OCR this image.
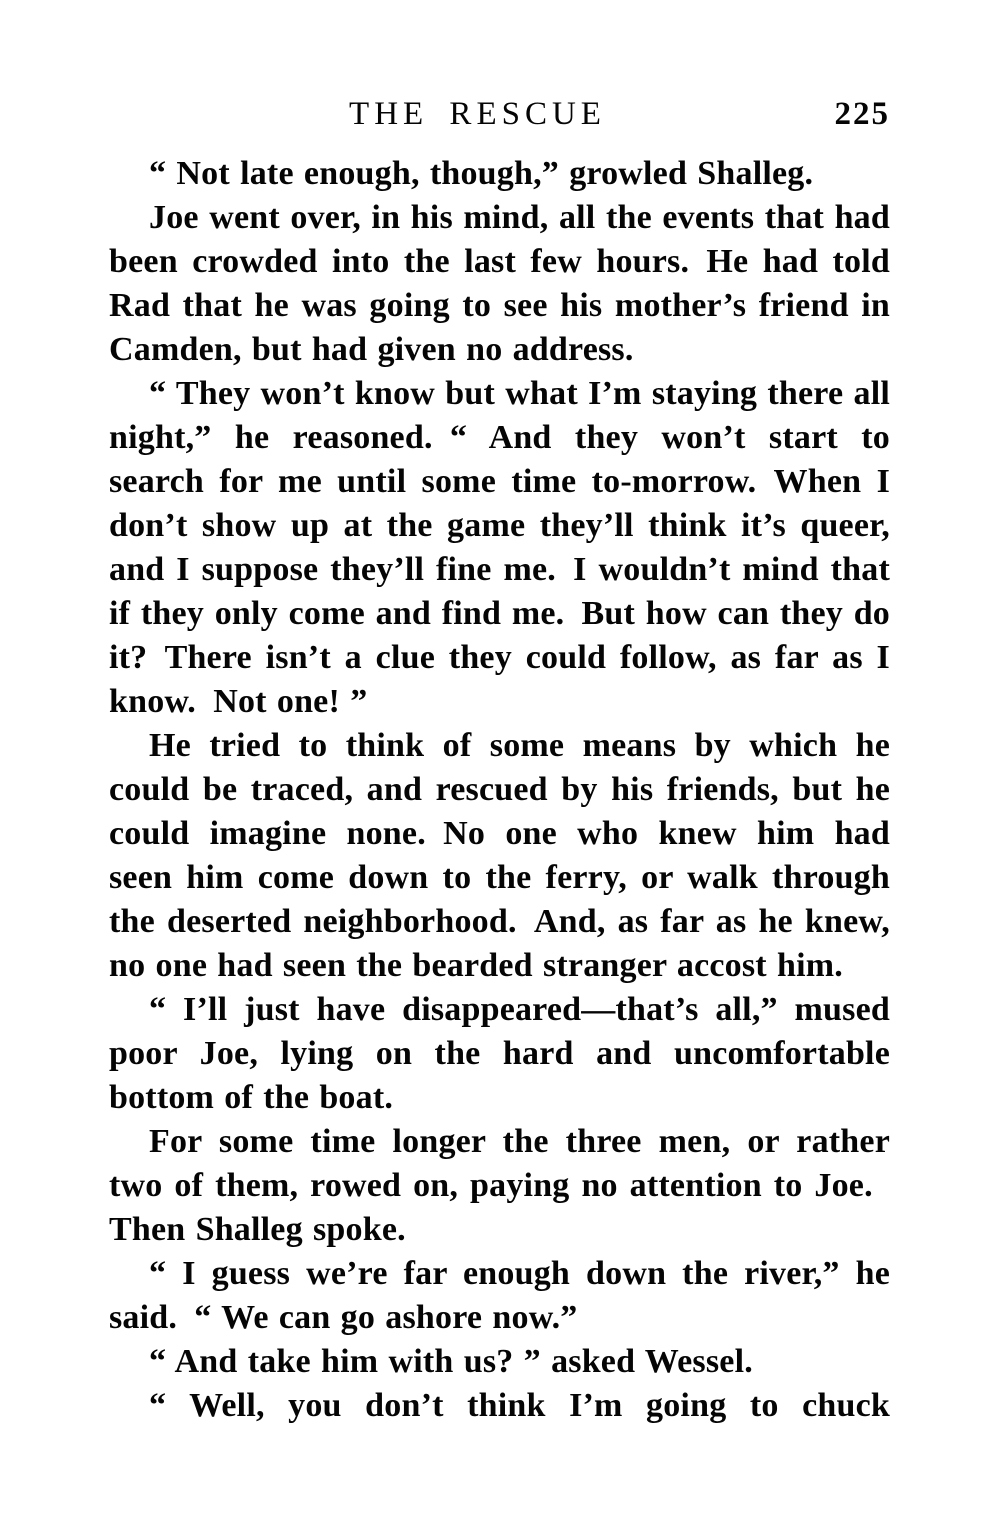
THE RESCUE	225

“ Not late enough, though,” growled Shalleg.

Joe went over, in his mind, all the events that had been crowded into the last few hours. He had told Rad that he was going to see his mother’s friend in Camden, but had given no address.

“ They won’t know but what I’m staying there all night,” he reasoned. “ And they won’t start to search for me until some time to-morrow. When I don’t show up at the game they’ll think it’s queer, and I suppose they’ll fine me. I wouldn’t mind that if they only come and find me. But how can they do it? There isn’t a clue they could follow, as far as I know. Not one! ”

He tried to think of some means by which he could be traced, and rescued by his friends, but he could imagine none. No one who knew him had seen him come down to the ferry, or walk through the deserted neighborhood. And, as far as he knew, no one had seen the bearded stranger accost him.

“ I’ll just have disappeared—that’s all,” mused poor Joe, lying on the hard and uncomfortable bottom of the boat.

For some time longer the three men, or rather two of them, rowed on, paying no attention to Joe. Then Shalleg spoke.

“ I guess we’re far enough down the river,” he said. “ We can go ashore now.”

“ And take him with us? ” asked Wessel.

“ Well, you don’t think I’m going to chuck
